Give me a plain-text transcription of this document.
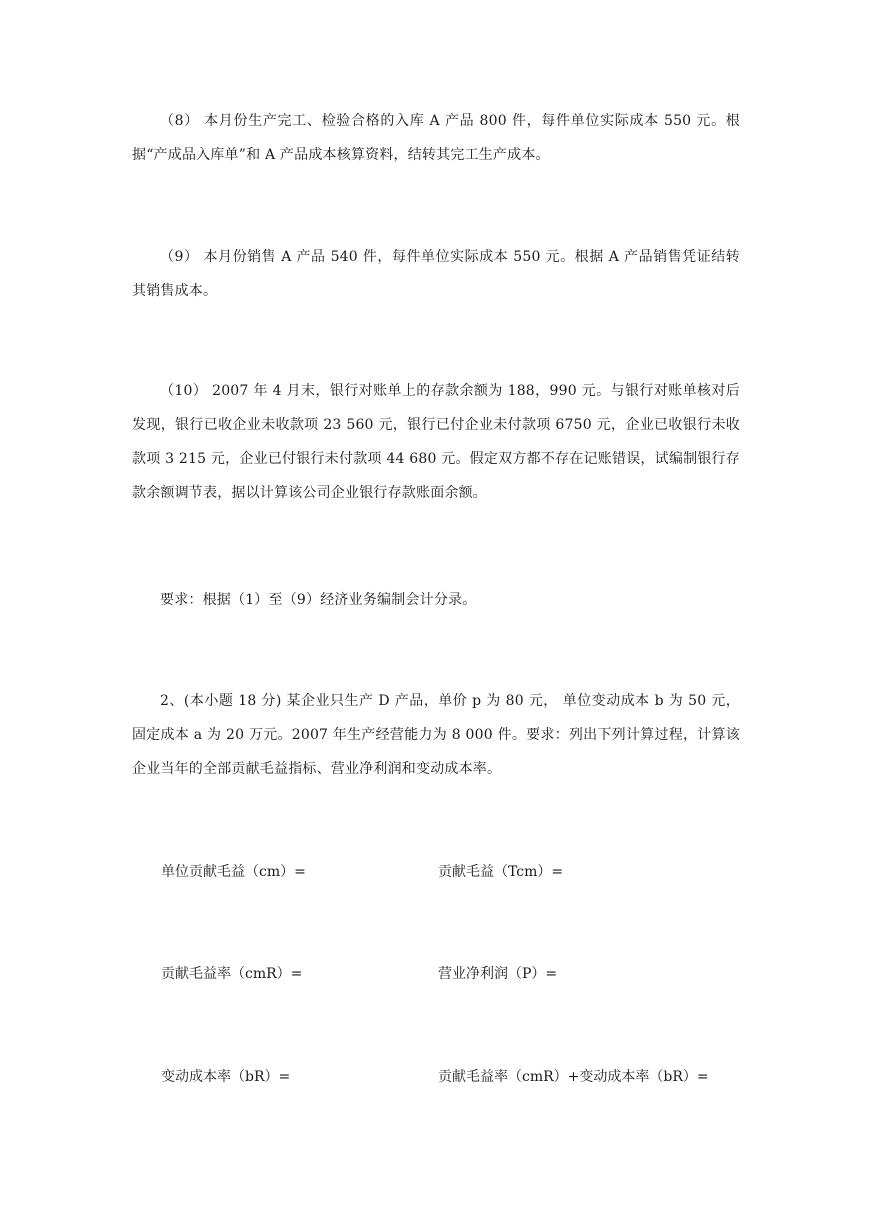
（8） 本月份生产完工、检验合格的入库 A 产品 800 件，每件单位实际成本 550 元。根据“产成品入库单”和 A 产品成本核算资料，结转其完工生产成本。

（9） 本月份销售 A 产品 540 件，每件单位实际成本 550 元。根据 A 产品销售凭证结转其销售成本。

（10） 2007 年 4 月末，银行对账单上的存款余额为 188，990 元。与银行对账单核对后发现，银行已收企业未收款项 23 560 元，银行已付企业未付款项 6750 元，企业已收银行未收款项 3 215 元，企业已付银行未付款项 44 680 元。假定双方都不存在记账错误，试编制银行存款余额调节表，据以计算该公司企业银行存款账面余额。

要求：根据（1）至（9）经济业务编制会计分录。

2、(本小题 18 分) 某企业只生产 D 产品，单价 p 为 80 元， 单位变动成本 b 为 50 元，固定成本 a 为 20 万元。2007 年生产经营能力为 8 000 件。要求：列出下列计算过程，计算该企业当年的全部贡献毛益指标、营业净利润和变动成本率。

单位贡献毛益（cm）=	贡献毛益（Tcm）=
贡献毛益率（cmR）=	营业净利润（P）=
变动成本率（bR）=	贡献毛益率（cmR）+变动成本率（bR）=
